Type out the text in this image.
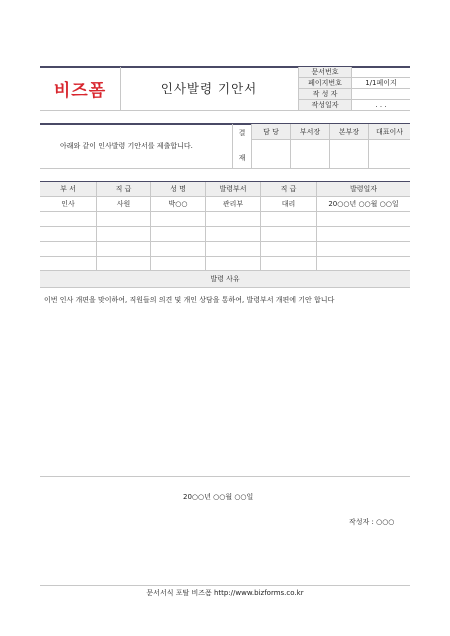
비즈폼	인사발령 기안서
문서번호
페이지번호	1/1페이지
작 성 자
작성일자	. . .
아래와 같이 인사발령 기안서를 제출합니다.
결
재
담 당	부서장	본부장	대표이사
부 서	직 급	성 명	발령부서	직 급	발령일자
인사	사원	박○○	관리부	대리	20○○년 ○○월 ○○일
발령 사유
이번 인사 개편을 맞이하여, 직원들의 의견 및 개인 상담을 통하여, 발령부서 개편에 기안 합니다
20○○년 ○○월 ○○일
작성자 : ○○○
문서서식 포탈 비즈폼 http://www.bizforms.co.kr
